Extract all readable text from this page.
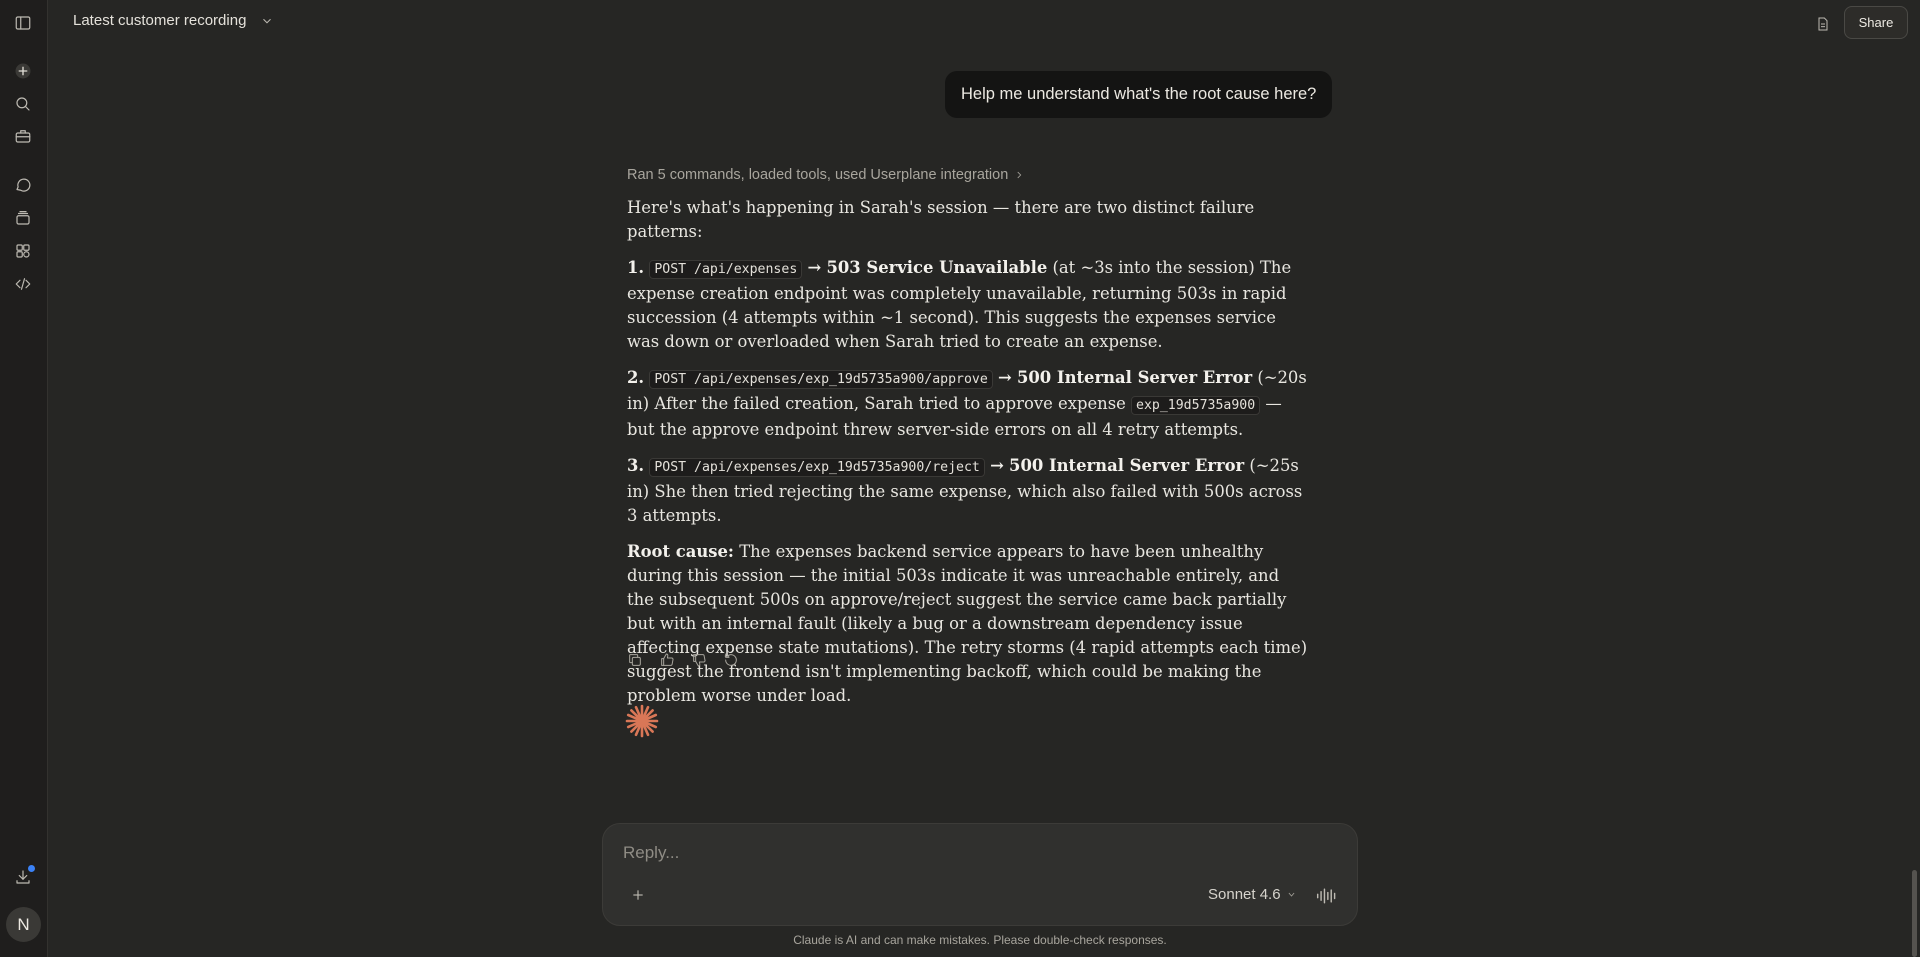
N
Latest customer recording	Share
Help me understand what's the root cause here?
Ran 5 commands, loaded tools, used Userplane integration

Here's what's happening in Sarah's session — there are two distinct failure patterns:

1. POST /api/expenses → 503 Service Unavailable (at ~3s into the session) The expense creation endpoint was completely unavailable, returning 503s in rapid succession (4 attempts within ~1 second). This suggests the expenses service was down or overloaded when Sarah tried to create an expense.

2. POST /api/expenses/exp_19d5735a900/approve → 500 Internal Server Error (~20s in) After the failed creation, Sarah tried to approve expense exp_19d5735a900 — but the approve endpoint threw server-side errors on all 4 retry attempts.

3. POST /api/expenses/exp_19d5735a900/reject → 500 Internal Server Error (~25s in) She then tried rejecting the same expense, which also failed with 500s across 3 attempts.

Root cause: The expenses backend service appears to have been unhealthy during this session — the initial 503s indicate it was unreachable entirely, and the subsequent 500s on approve/reject suggest the service came back partially but with an internal fault (likely a bug or a downstream dependency issue affecting expense state mutations). The retry storms (4 rapid attempts each time) suggest the frontend isn't implementing backoff, which could be making the problem worse under load.

Reply...
Sonnet 4.6
Claude is AI and can make mistakes. Please double-check responses.
